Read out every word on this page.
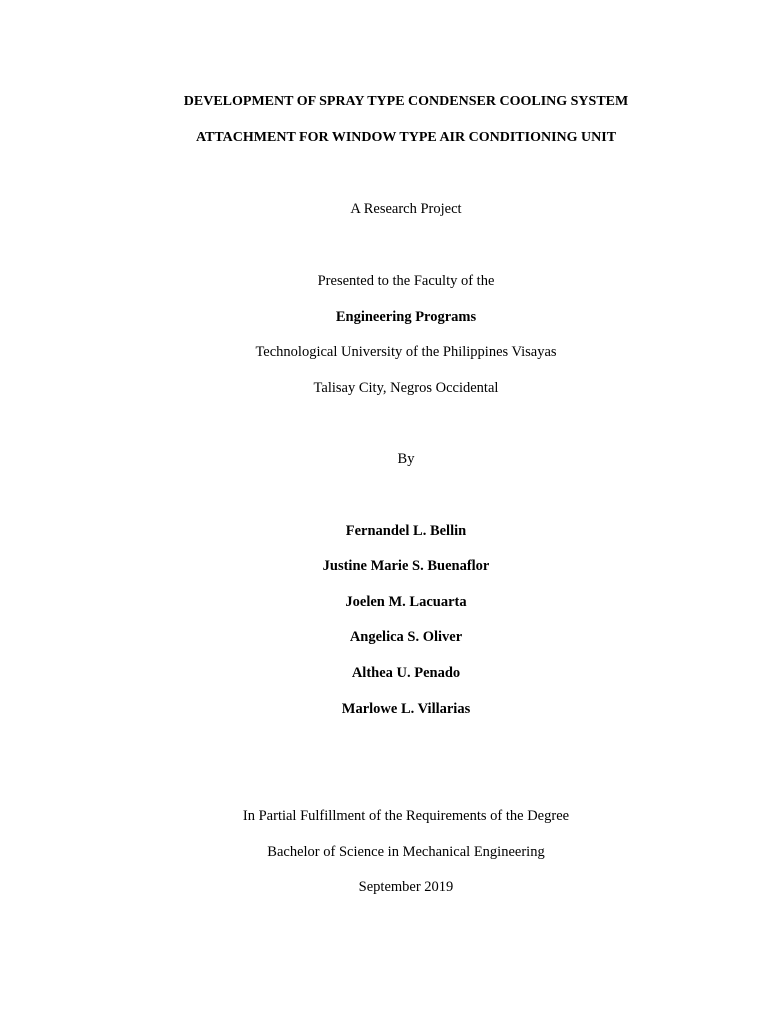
DEVELOPMENT OF SPRAY TYPE CONDENSER COOLING SYSTEM
ATTACHMENT FOR WINDOW TYPE AIR CONDITIONING UNIT
A Research Project
Presented to the Faculty of the
Engineering Programs
Technological University of the Philippines Visayas
Talisay City, Negros Occidental
By
Fernandel L. Bellin
Justine Marie S. Buenaflor
Joelen M. Lacuarta
Angelica S. Oliver
Althea U. Penado
Marlowe L. Villarias
In Partial Fulfillment of the Requirements of the Degree
Bachelor of Science in Mechanical Engineering
September 2019
